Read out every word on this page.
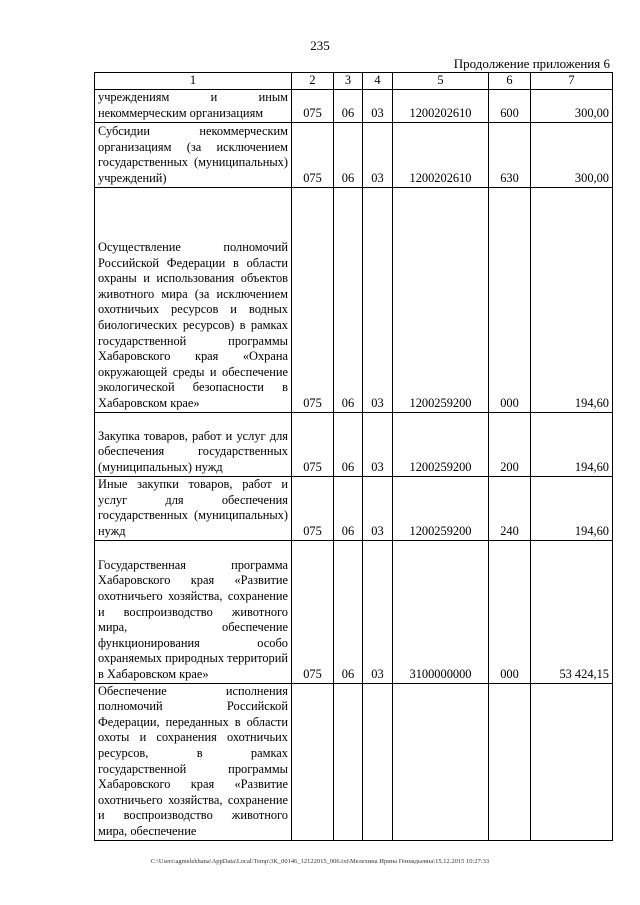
235
Продолжение приложения 6
1	2	3	4	5	6	7
учреждениям и иным некоммерческим организациям	075	06	03	1200202610	600	300,00
Субсидии некоммерческим организациям (за исключением государственных (муниципальных) учреждений)	075	06	03	1200202610	630	300,00
Осуществление полномочий Российской Федерации в области охраны и использования объектов животного мира (за исключением охотничьих ресурсов и водных биологических ресурсов) в рамках государственной программы Хабаровского края «Охрана окружающей среды и обеспечение экологической безопасности в Хабаровском крае»	075	06	03	1200259200	000	194,60
Закупка товаров, работ и услуг для обеспечения государственных (муниципальных) нужд	075	06	03	1200259200	200	194,60
Иные закупки товаров, работ и услуг для обеспечения государственных (муниципальных) нужд	075	06	03	1200259200	240	194,60
Государственная программа Хабаровского края «Развитие охотничьего хозяйства, сохранение и воспроизводство животного мира, обеспечение функционирования особо охраняемых природных территорий в Хабаровском крае»	075	06	03	3100000000	000	53 424,15
Обеспечение исполнения полномочий Российской Федерации, переданных в области охоты и сохранения охотничьих ресурсов, в рамках государственной программы Хабаровского края «Развитие охотничьего хозяйства, сохранение и воспроизводство животного мира, обеспечение						
C:\Users\agmelekhana\AppData\Local\Temp\3K_00146_12122015_006.txt\Мелехина Ирина Геннадьевна\15.12.2015 10:27:33
